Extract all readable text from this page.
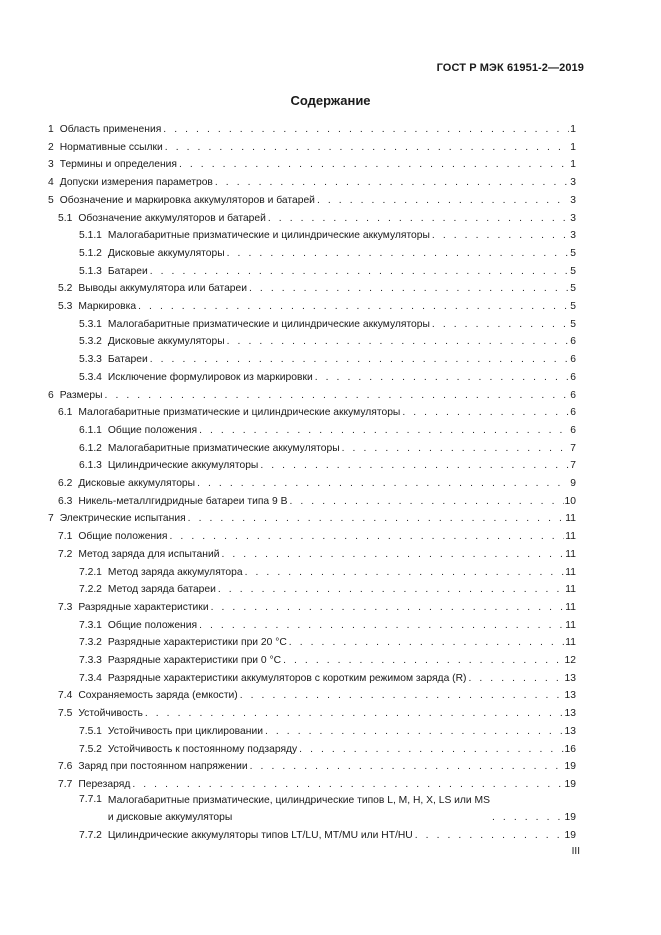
ГОСТ Р МЭК 61951-2—2019
Содержание
1 Область применения . . .	1
2 Нормативные ссылки . . .	1
3 Термины и определения . . .	1
4 Допуски измерения параметров . . .	3
5 Обозначение и маркировка аккумуляторов и батарей . . .	3
5.1 Обозначение аккумуляторов и батарей . . .	3
5.1.1 Малогабаритные призматические и цилиндрические аккумуляторы . . .	3
5.1.2 Дисковые аккумуляторы . . .	5
5.1.3 Батареи . . .	5
5.2 Выводы аккумулятора или батареи . . .	5
5.3 Маркировка . . .	5
5.3.1 Малогабаритные призматические и цилиндрические аккумуляторы . . .	5
5.3.2 Дисковые аккумуляторы . . .	6
5.3.3 Батареи . . .	6
5.3.4 Исключение формулировок из маркировки . . .	6
6 Размеры . . .	6
6.1 Малогабаритные призматические и цилиндрические аккумуляторы . . .	6
6.1.1 Общие положения . . .	6
6.1.2 Малогабаритные призматические аккумуляторы . . .	7
6.1.3 Цилиндрические аккумуляторы . . .	7
6.2 Дисковые аккумуляторы . . .	9
6.3 Никель-металлгидридные батареи типа 9 В . . .	10
7 Электрические испытания . . .	11
7.1 Общие положения . . .	11
7.2 Метод заряда для испытаний . . .	11
7.2.1 Метод заряда аккумулятора . . .	11
7.2.2 Метод заряда батареи . . .	11
7.3 Разрядные характеристики . . .	11
7.3.1 Общие положения . . .	11
7.3.2 Разрядные характеристики при 20 °С . . .	11
7.3.3 Разрядные характеристики при 0 °С . . .	12
7.3.4 Разрядные характеристики аккумуляторов с коротким режимом заряда (R) . . .	13
7.4 Сохраняемость заряда (емкости) . . .	13
7.5 Устойчивость . . .	13
7.5.1 Устойчивость при циклировании . . .	13
7.5.2 Устойчивость к постоянному подзаряду . . .	16
7.6 Заряд при постоянном напряжении . . .	19
7.7 Перезаряд . . .	19
7.7.1 Малогабаритные призматические, цилиндрические типов L, M, H, X, LS или MS
и дисковые аккумуляторы . . .	19
7.7.2 Цилиндрические аккумуляторы типов LT/LU, MT/MU или HT/HU . . .	19
III
